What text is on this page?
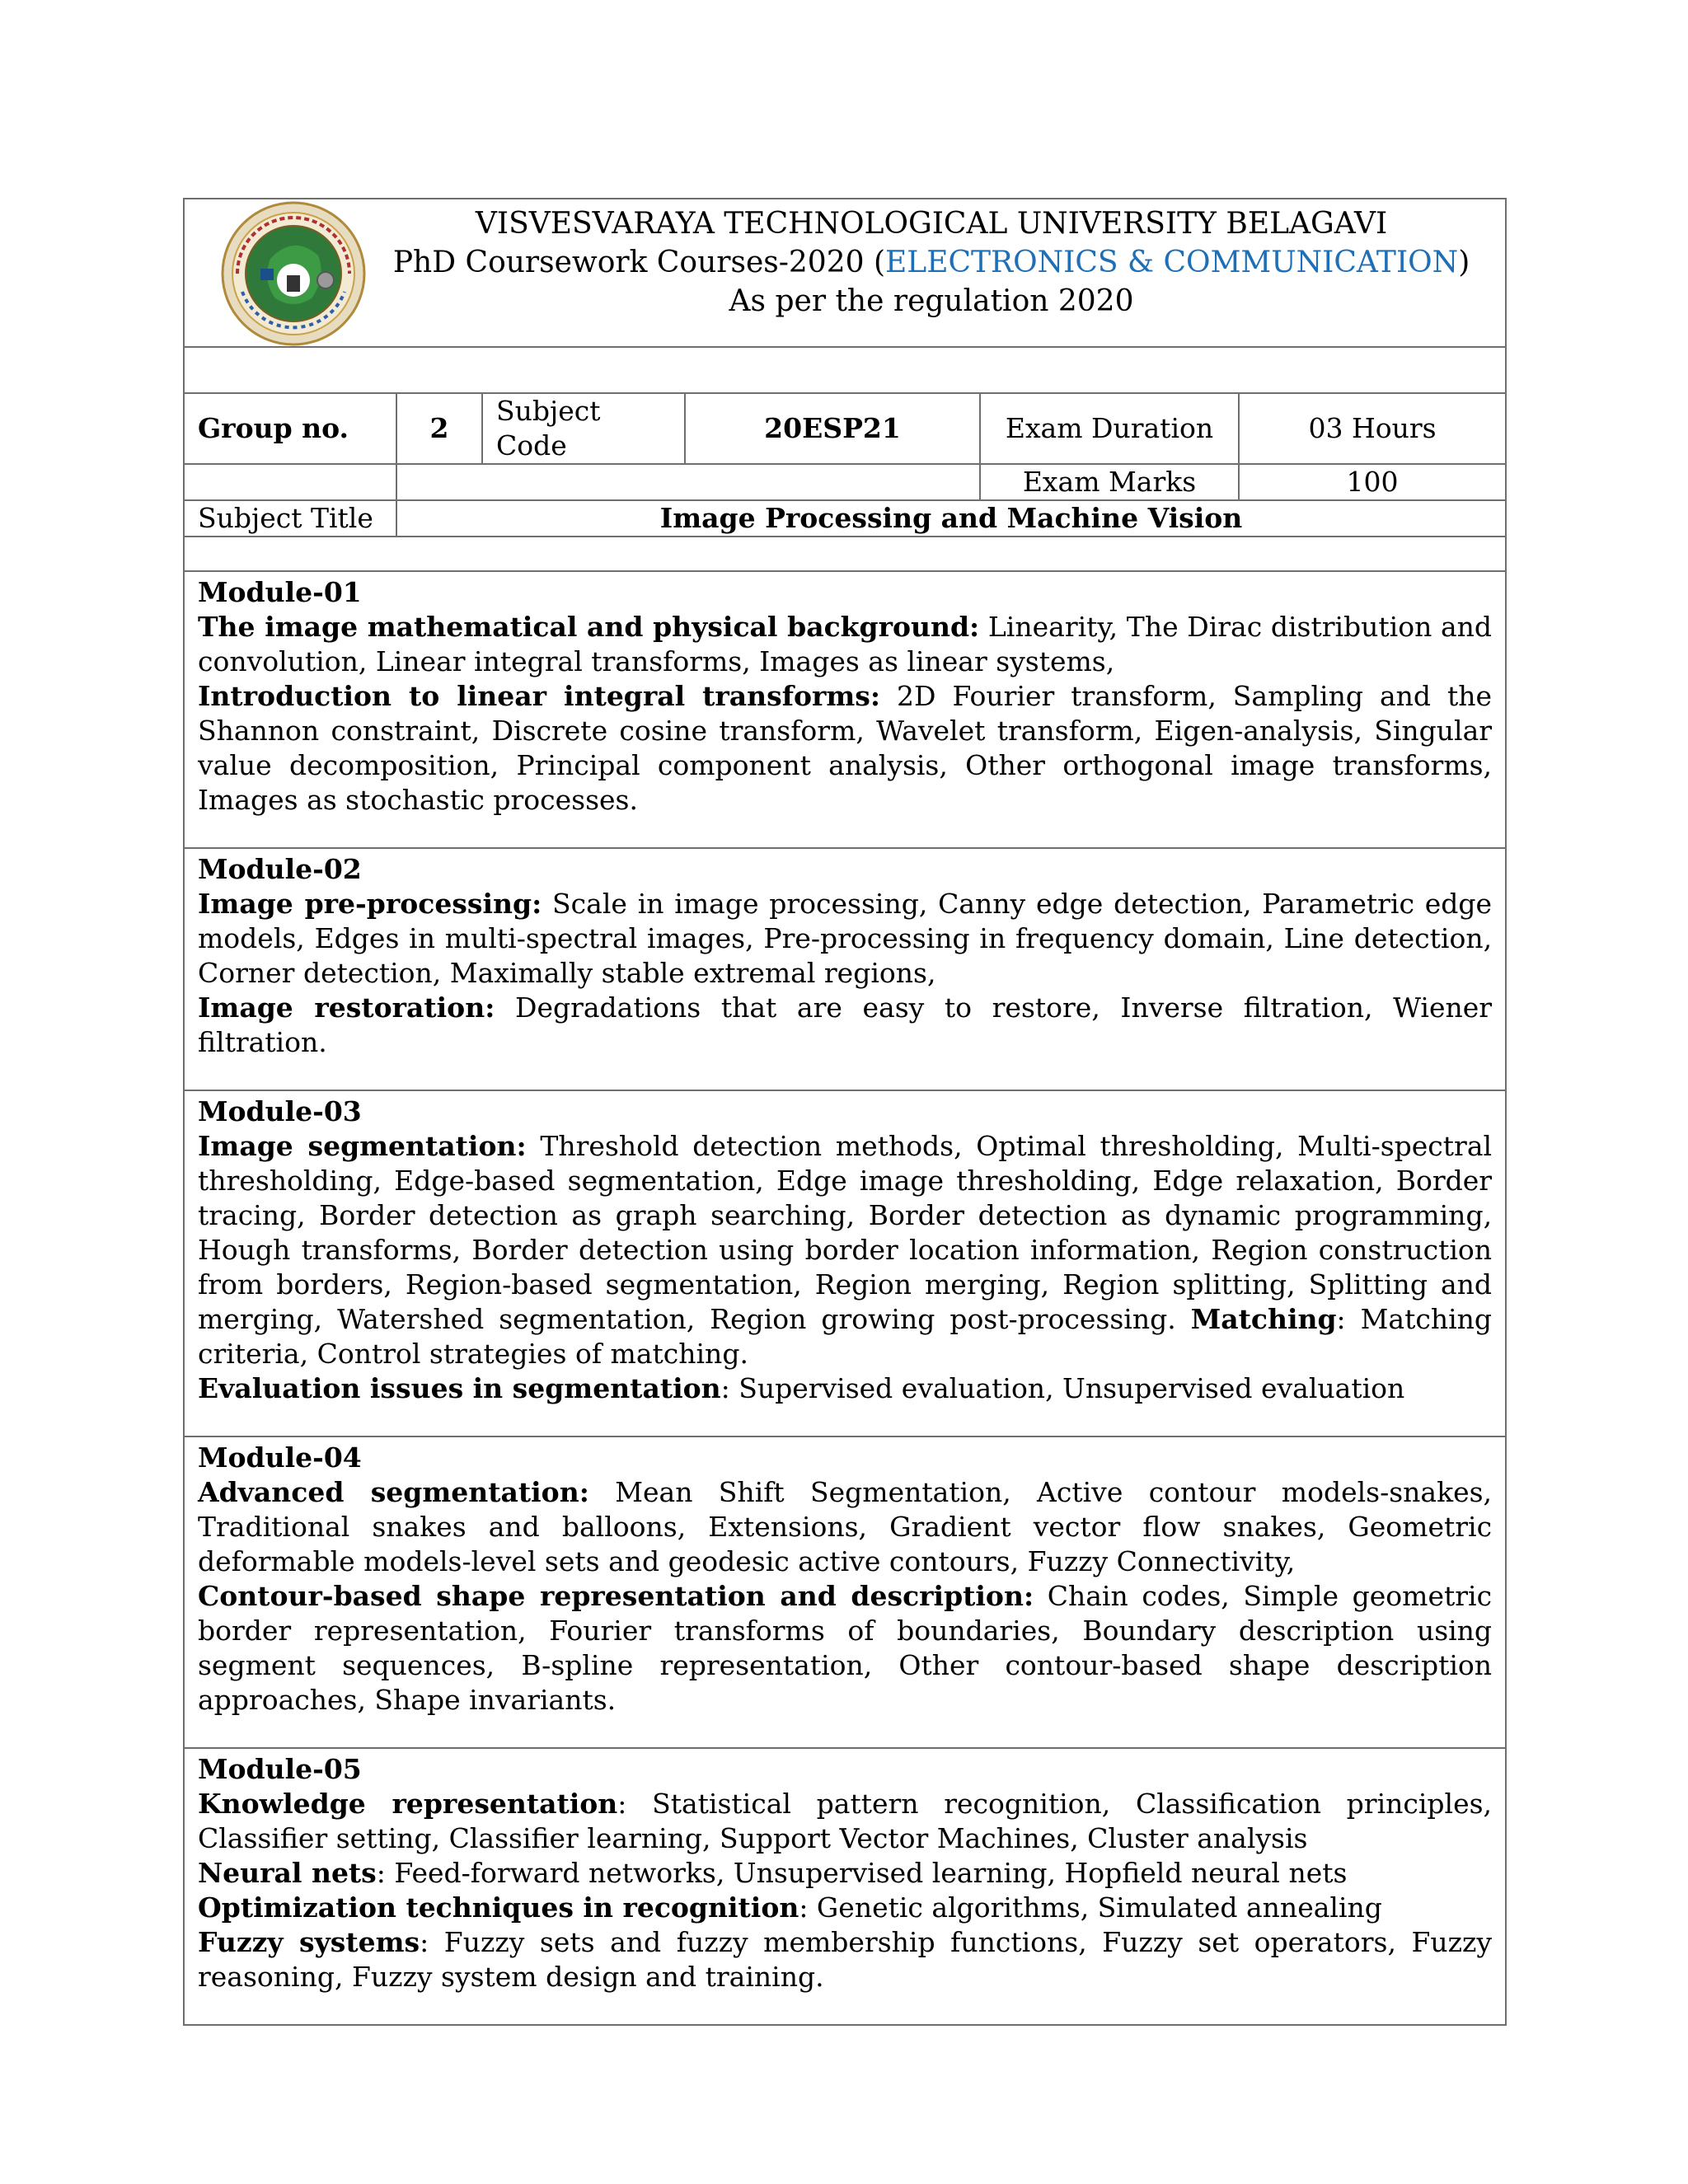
VISVESVARAYA TECHNOLOGICAL UNIVERSITY BELAGAVI
PhD Coursework Courses-2020 (ELECTRONICS & COMMUNICATION)
As per the regulation 2020					

Group no.	2	Subject Code	20ESP21	Exam Duration	03 Hours
				Exam Marks	100
Subject Title	Image Processing and Machine Vision				

Module-01

The image mathematical and physical background: Linearity, The Dirac distribution and convolution, Linear integral transforms, Images as linear systems,

Introduction to linear integral transforms: 2D Fourier transform, Sampling and the Shannon constraint, Discrete cosine transform, Wavelet transform, Eigen-analysis, Singular value decomposition, Principal component analysis, Other orthogonal image transforms, Images as stochastic processes.					

Module-02

Image pre-processing: Scale in image processing, Canny edge detection, Parametric edge models, Edges in multi-spectral images, Pre-processing in frequency domain, Line detection, Corner detection, Maximally stable extremal regions,

Image restoration: Degradations that are easy to restore, Inverse filtration, Wiener filtration.					

Module-03

Image segmentation: Threshold detection methods, Optimal thresholding, Multi-spectral thresholding, Edge-based segmentation, Edge image thresholding, Edge relaxation, Border tracing, Border detection as graph searching, Border detection as dynamic programming, Hough transforms, Border detection using border location information, Region construction from borders, Region-based segmentation, Region merging, Region splitting, Splitting and merging, Watershed segmentation, Region growing post-processing. Matching: Matching criteria, Control strategies of matching.

Evaluation issues in segmentation: Supervised evaluation, Unsupervised evaluation					

Module-04

Advanced segmentation: Mean Shift Segmentation, Active contour models-snakes, Traditional snakes and balloons, Extensions, Gradient vector flow snakes, Geometric deformable models-level sets and geodesic active contours, Fuzzy Connectivity,

Contour-based shape representation and description: Chain codes, Simple geometric border representation, Fourier transforms of boundaries, Boundary description using segment sequences, B-spline representation, Other contour-based shape description approaches, Shape invariants.					

Module-05

Knowledge representation: Statistical pattern recognition, Classification principles, Classifier setting, Classifier learning, Support Vector Machines, Cluster analysis

Neural nets: Feed-forward networks, Unsupervised learning, Hopfield neural nets

Optimization techniques in recognition: Genetic algorithms, Simulated annealing

Fuzzy systems: Fuzzy sets and fuzzy membership functions, Fuzzy set operators, Fuzzy reasoning, Fuzzy system design and training.					
